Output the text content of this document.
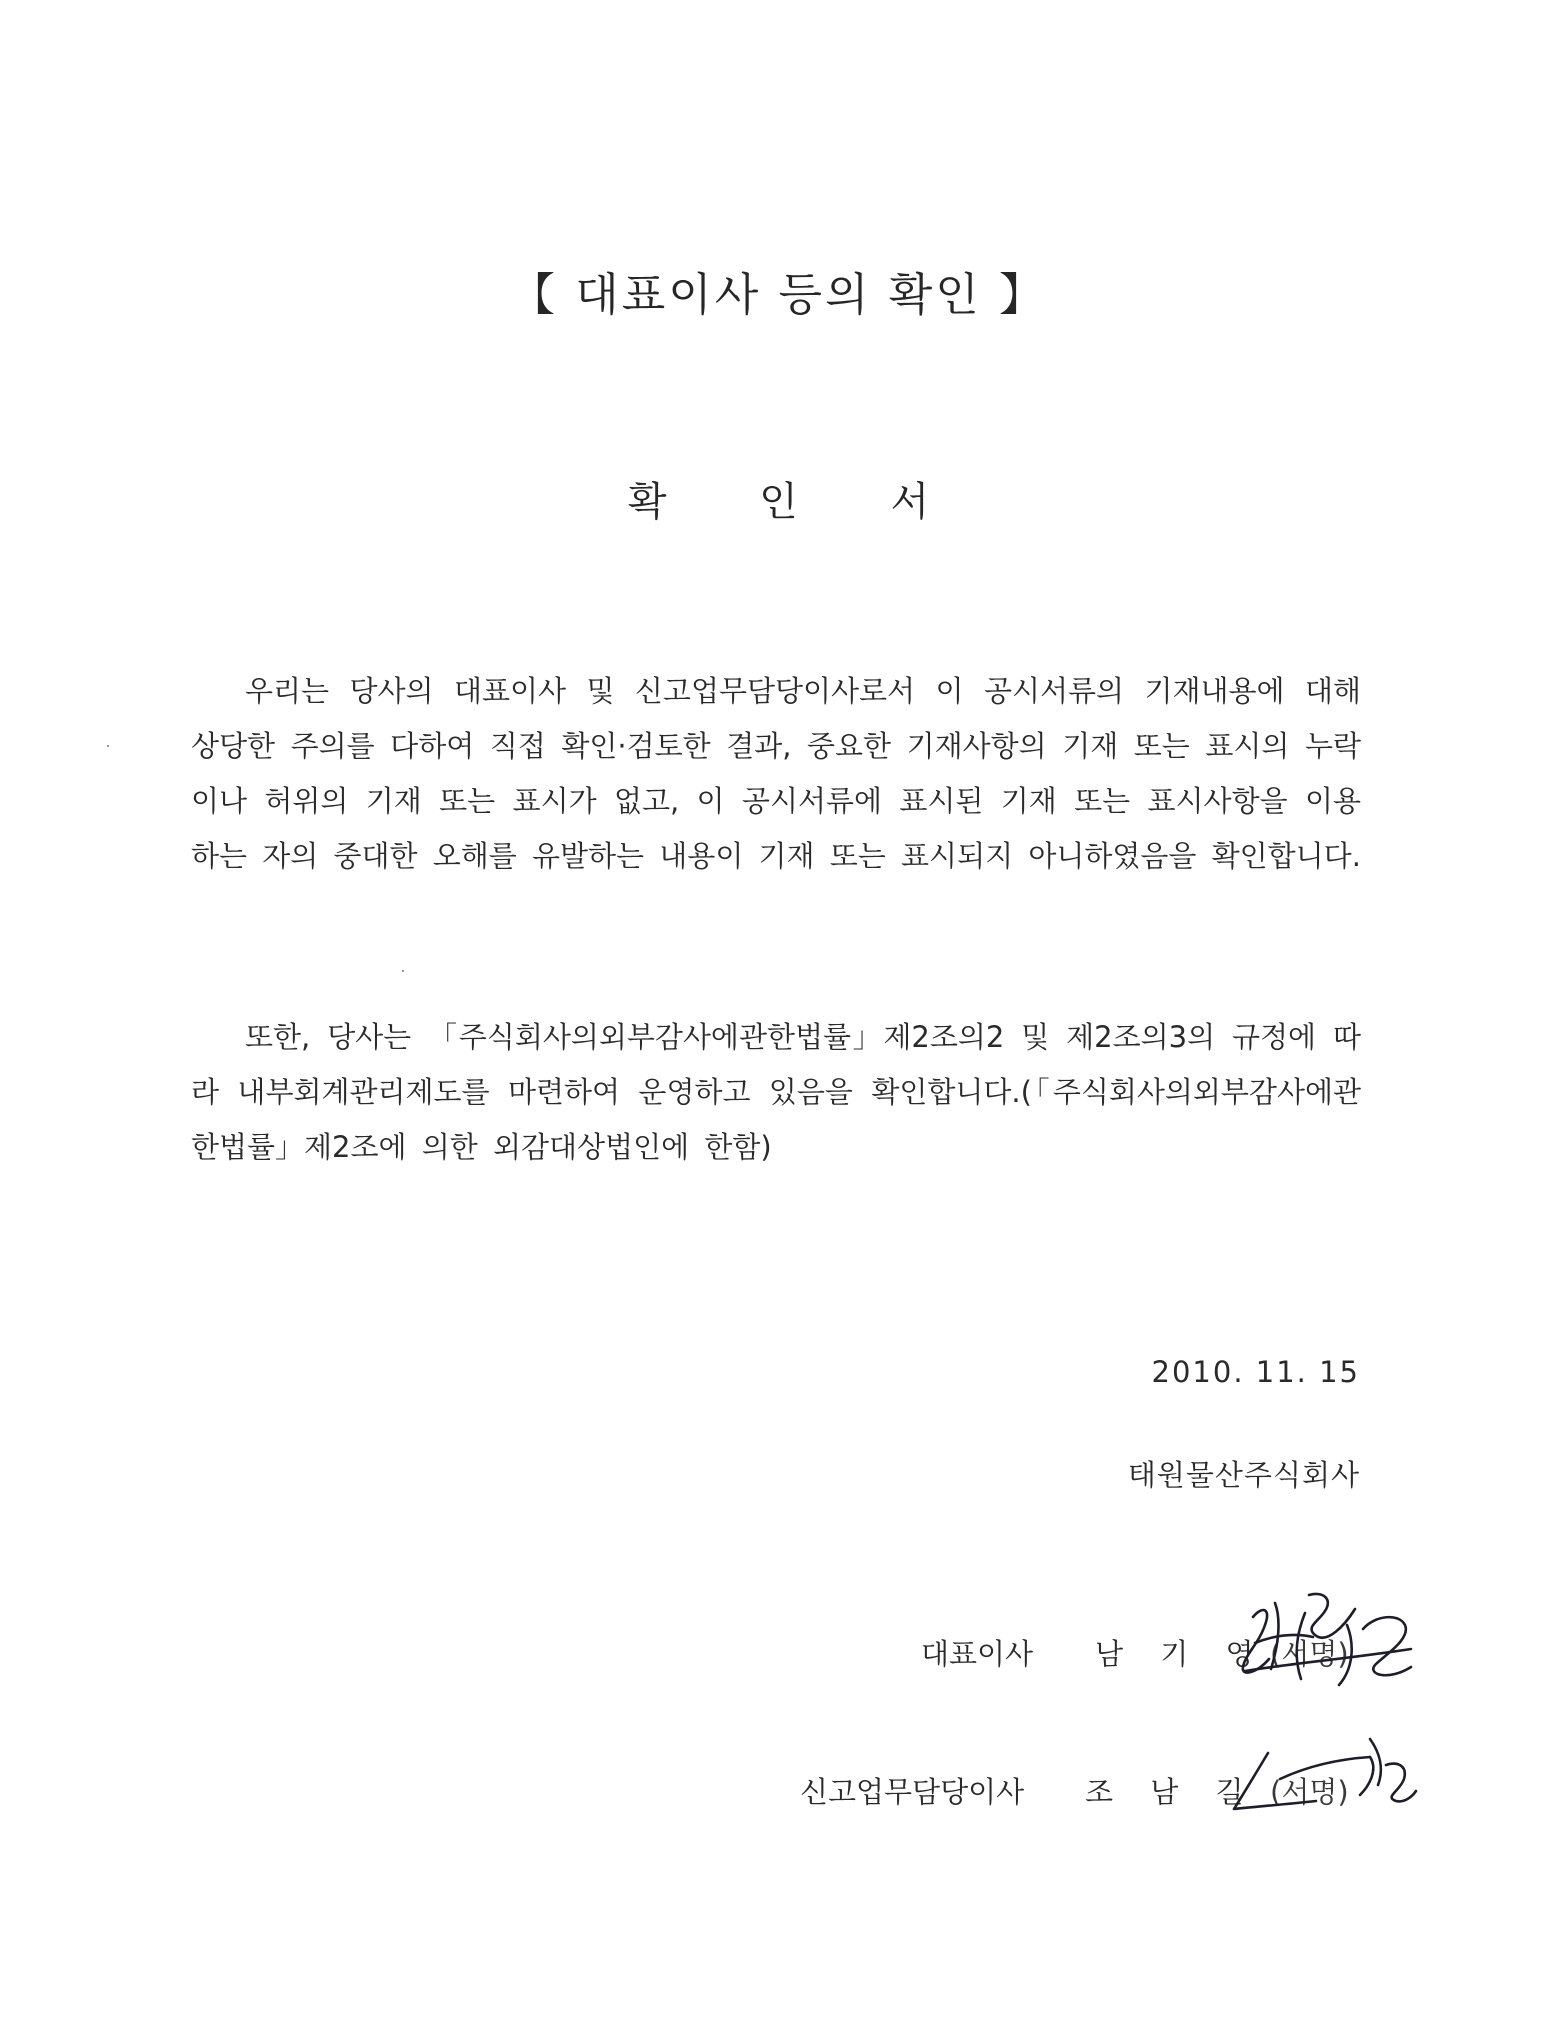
【 대표이사 등의 확인 】
확 인 서

우리는 당사의 대표이사 및 신고업무담당이사로서 이 공시서류의 기재내용에 대해 상당한 주의를 다하여 직접 확인·검토한 결과, 중요한 기재사항의 기재 또는 표시의 누락이나 허위의 기재 또는 표시가 없고, 이 공시서류에 표시된 기재 또는 표시사항을 이용하는 자의 중대한 오해를 유발하는 내용이 기재 또는 표시되지 아니하였음을 확인합니다.

또한, 당사는 「주식회사의외부감사에관한법률」제2조의2 및 제2조의3의 규정에 따라 내부회계관리제도를 마련하여 운영하고 있음을 확인합니다.(「주식회사의외부감사에관한법률」제2조에 의한 외감대상법인에 한함)

2010. 11. 15
태원물산주식회사
대표이사 남 기 영 (서명)
신고업무담당이사 조 남 길 (서명)
